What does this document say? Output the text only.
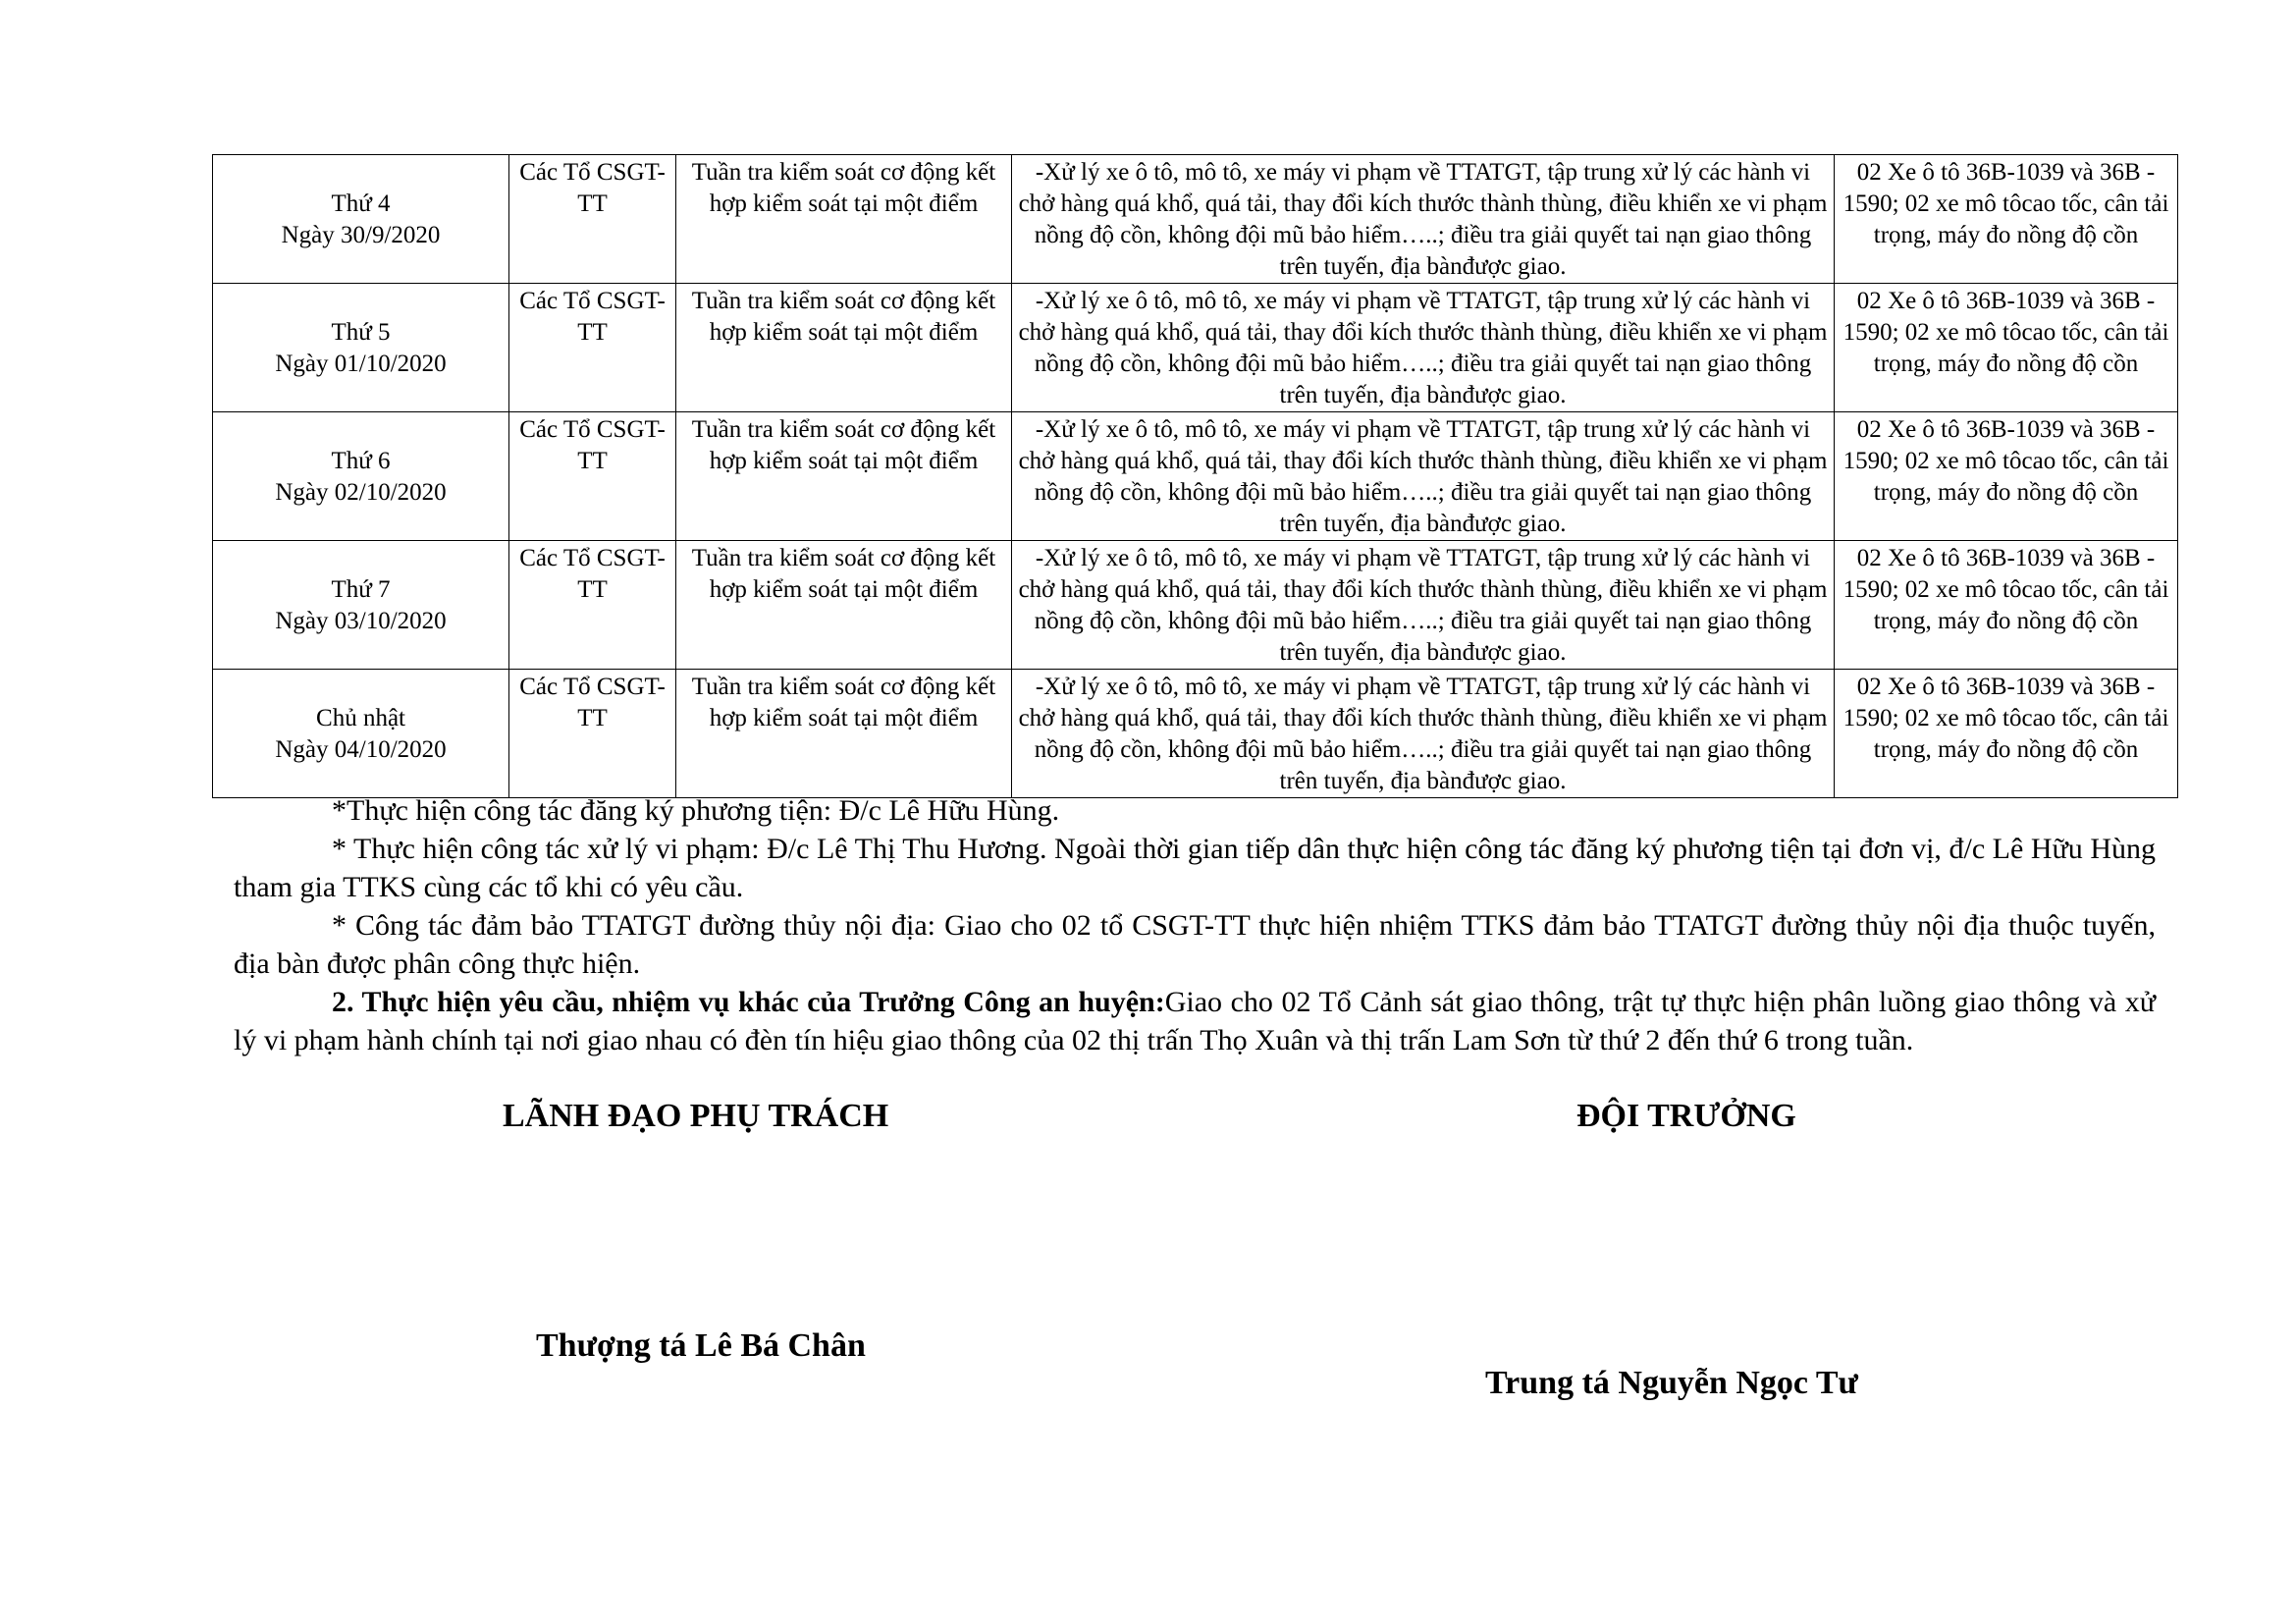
Thứ 4
Ngày 30/9/2020	Các Tổ CSGT-TT	Tuần tra kiểm soát cơ động kết hợp kiểm soát tại một điểm	-Xử lý xe ô tô, mô tô, xe máy vi phạm về TTATGT, tập trung xử lý các hành vi chở hàng quá khổ, quá tải, thay đổi kích thước thành thùng, điều khiển xe vi phạm nồng độ cồn, không đội mũ bảo hiểm…..; điều tra giải quyết tai nạn giao thông trên tuyến, địa bànđược giao.	02 Xe ô tô 36B-1039 và 36B - 1590; 02 xe mô tôcao tốc, cân tải trọng, máy đo nồng độ cồn

Thứ 5
Ngày 01/10/2020	Các Tổ CSGT-TT	Tuần tra kiểm soát cơ động kết hợp kiểm soát tại một điểm	-Xử lý xe ô tô, mô tô, xe máy vi phạm về TTATGT, tập trung xử lý các hành vi chở hàng quá khổ, quá tải, thay đổi kích thước thành thùng, điều khiển xe vi phạm nồng độ cồn, không đội mũ bảo hiểm…..; điều tra giải quyết tai nạn giao thông trên tuyến, địa bànđược giao.	02 Xe ô tô 36B-1039 và 36B - 1590; 02 xe mô tôcao tốc, cân tải trọng, máy đo nồng độ cồn

Thứ 6
Ngày 02/10/2020	Các Tổ CSGT-TT	Tuần tra kiểm soát cơ động kết hợp kiểm soát tại một điểm	-Xử lý xe ô tô, mô tô, xe máy vi phạm về TTATGT, tập trung xử lý các hành vi chở hàng quá khổ, quá tải, thay đổi kích thước thành thùng, điều khiển xe vi phạm nồng độ cồn, không đội mũ bảo hiểm…..; điều tra giải quyết tai nạn giao thông trên tuyến, địa bànđược giao.	02 Xe ô tô 36B-1039 và 36B - 1590; 02 xe mô tôcao tốc, cân tải trọng, máy đo nồng độ cồn

Thứ 7
Ngày 03/10/2020	Các Tổ CSGT-TT	Tuần tra kiểm soát cơ động kết hợp kiểm soát tại một điểm	-Xử lý xe ô tô, mô tô, xe máy vi phạm về TTATGT, tập trung xử lý các hành vi chở hàng quá khổ, quá tải, thay đổi kích thước thành thùng, điều khiển xe vi phạm nồng độ cồn, không đội mũ bảo hiểm…..; điều tra giải quyết tai nạn giao thông trên tuyến, địa bànđược giao.	02 Xe ô tô 36B-1039 và 36B - 1590; 02 xe mô tôcao tốc, cân tải trọng, máy đo nồng độ cồn

Chủ nhật
Ngày 04/10/2020	Các Tổ CSGT-TT	Tuần tra kiểm soát cơ động kết hợp kiểm soát tại một điểm	-Xử lý xe ô tô, mô tô, xe máy vi phạm về TTATGT, tập trung xử lý các hành vi chở hàng quá khổ, quá tải, thay đổi kích thước thành thùng, điều khiển xe vi phạm nồng độ cồn, không đội mũ bảo hiểm…..; điều tra giải quyết tai nạn giao thông trên tuyến, địa bànđược giao.	02 Xe ô tô 36B-1039 và 36B - 1590; 02 xe mô tôcao tốc, cân tải trọng, máy đo nồng độ cồn

*Thực hiện công tác đăng ký phương tiện: Đ/c Lê Hữu Hùng.

* Thực hiện công tác xử lý vi phạm: Đ/c Lê Thị Thu Hương. Ngoài thời gian tiếp dân thực hiện công tác đăng ký phương tiện tại đơn vị, đ/c Lê Hữu Hùng tham gia TTKS cùng các tổ khi có yêu cầu.

* Công tác đảm bảo TTATGT đường thủy nội địa: Giao cho 02 tổ CSGT-TT thực hiện nhiệm TTKS đảm bảo TTATGT đường thủy nội địa thuộc tuyến, địa bàn được phân công thực hiện.

2. Thực hiện yêu cầu, nhiệm vụ khác của Trưởng Công an huyện:Giao cho 02 Tổ Cảnh sát giao thông, trật tự thực hiện phân luồng giao thông và xử lý vi phạm hành chính tại nơi giao nhau có đèn tín hiệu giao thông của 02 thị trấn Thọ Xuân và thị trấn Lam Sơn từ thứ 2 đến thứ 6 trong tuần.

LÃNH ĐẠO PHỤ TRÁCH	ĐỘI TRƯỞNG
Thượng tá Lê Bá Chân
Trung tá Nguyễn Ngọc Tư
